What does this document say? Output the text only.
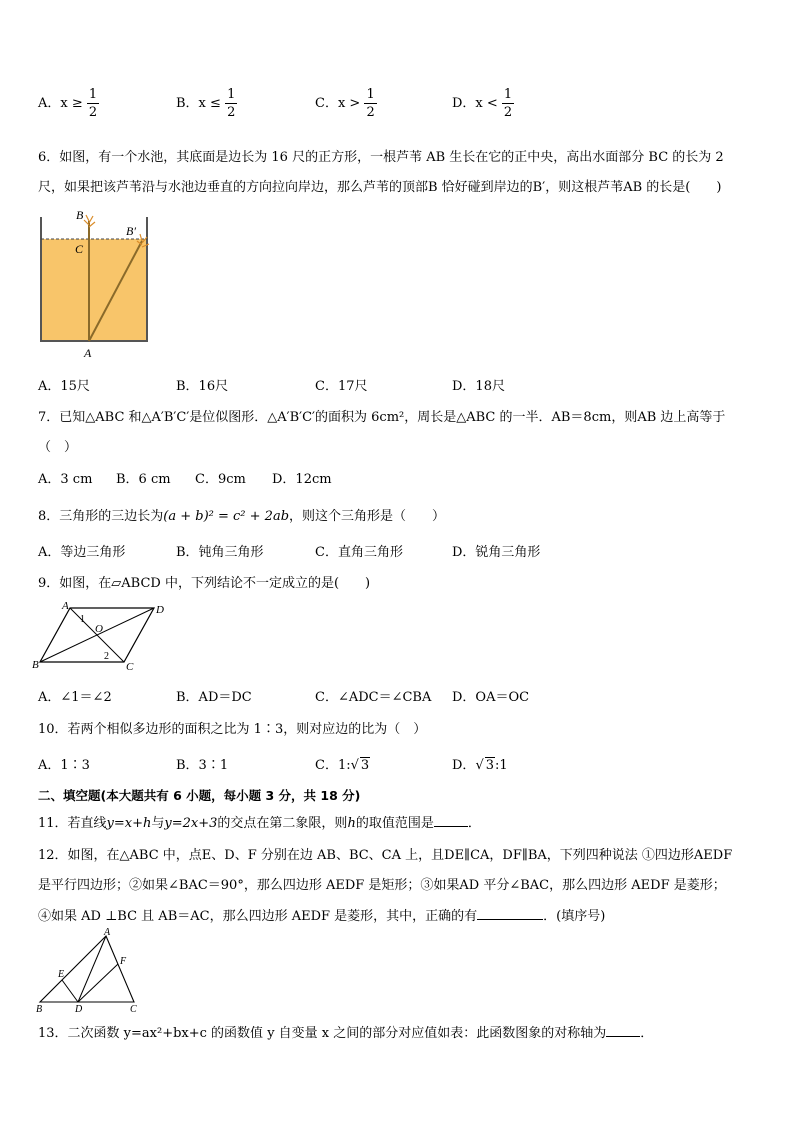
A．$x \ge \frac{1}{2}$	B．$x \le \frac{1}{2}$	C．$x > \frac{1}{2}$	D．$x < \frac{1}{2}$
6．如图，有一个水池，其底面是边长为 16 尺的正方形，一根芦苇 AB 生长在它的正中央，高出水面部分 BC 的长为 2
尺，如果把该芦苇沿与水池边垂直的方向拉向岸边，那么芦苇的顶部B 恰好碰到岸边的B′，则这根芦苇AB 的长是(　　)
B
B′
C
A
A．15尺	B．16尺	C．17尺	D．18尺
7．已知△ABC 和△A′B′C′是位似图形．△A′B′C′的面积为 6cm²，周长是△ABC 的一半．AB＝8cm，则AB 边上高等于
（　）
A．3 cm B．6 cm C．9cm D．12cm
8．三角形的三边长为(a + b)² = c² + 2ab，则这个三角形是（　　）
A．等边三角形	B．钝角三角形	C．直角三角形	D．锐角三角形
9．如图，在▱ABCD 中，下列结论不一定成立的是(　　)
A	D
B	C
O
1
2
A．∠1＝∠2	B．AD＝DC	C．∠ADC＝∠CBA D．OA＝OC
10．若两个相似多边形的面积之比为 1∶3，则对应边的比为（　）
A．1∶3	B．3∶1	C．1:√ 3	D．√ 3:1
二、填空题(本大题共有 6 小题，每小题 3 分，共 18 分)
11．若直线y=x+h与y=2x+3的交点在第二象限，则h的取值范围是	．
12．如图，在△ABC 中，点E、D、F 分别在边 AB、BC、CA 上，且DE∥CA，DF∥BA，下列四种说法 ①四边形AEDF
是平行四边形；②如果∠BAC＝90°，那么四边形 AEDF 是矩形；③如果AD 平分∠BAC，那么四边形 AEDF 是菱形；
④如果 AD ⊥BC 且 AB＝AC，那么四边形 AEDF 是菱形，其中，正确的有	．(填序号)
A
B	C
D
E
F
13．二次函数 y=ax²+bx+c 的函数值 y 自变量 x 之间的部分对应值如表：此函数图象的对称轴为	．
